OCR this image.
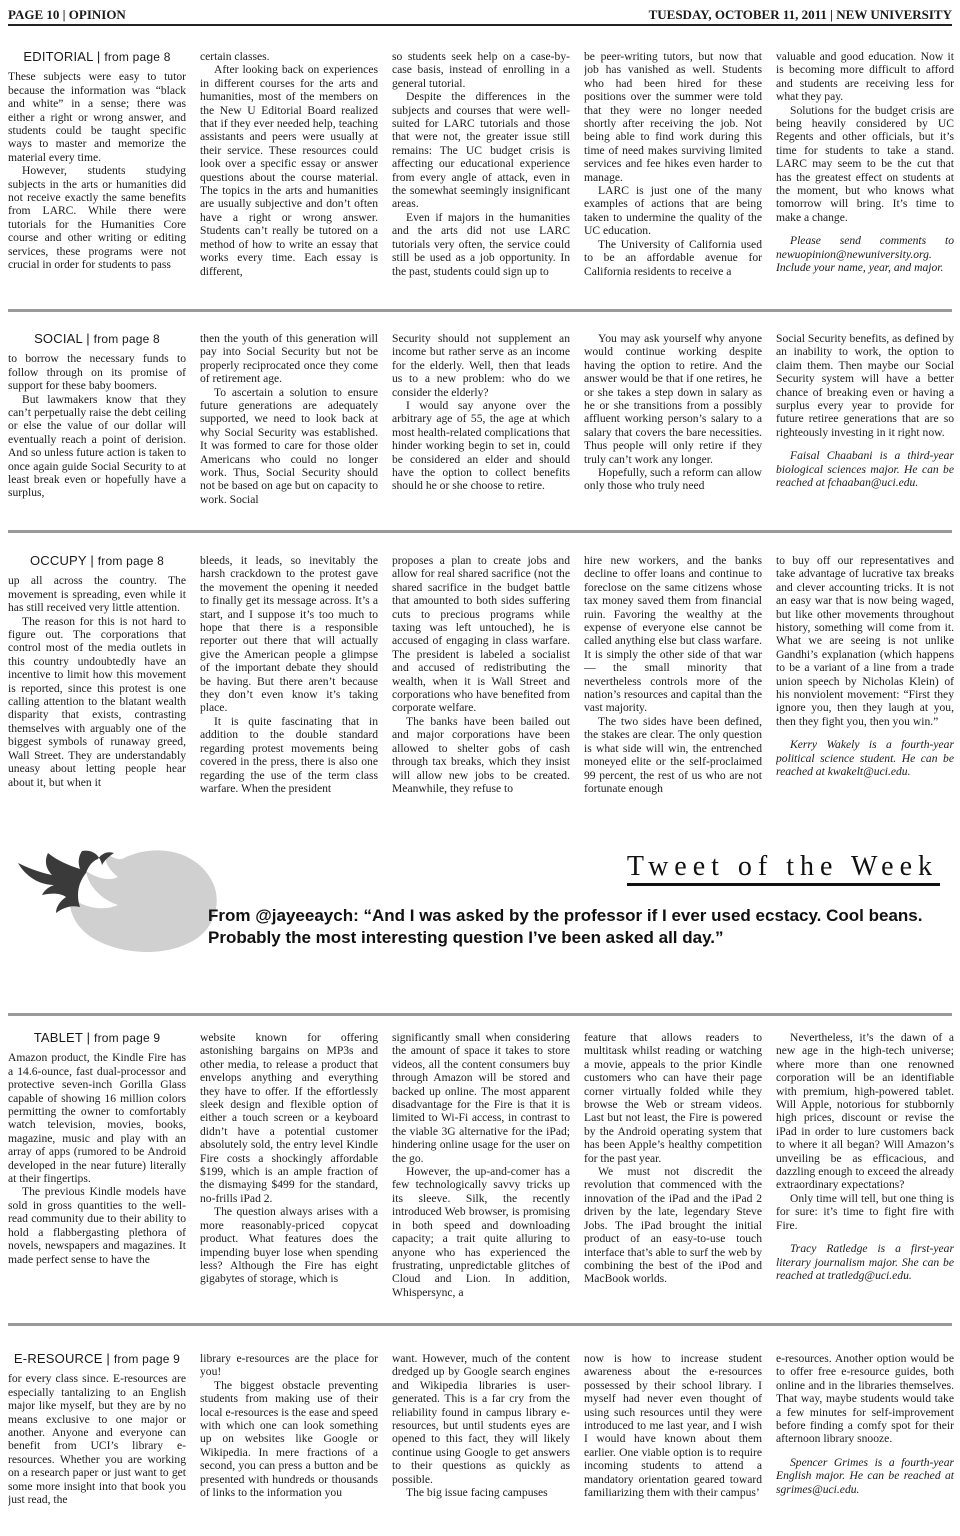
PAGE 10 | OPINION	TUESDAY, OCTOBER 11, 2011 | NEW UNIVERSITY
EDITORIAL | from page 8

These subjects were easy to tutor because the information was “black and white” in a sense; there was either a right or wrong answer, and students could be taught specific ways to master and memorize the material every time.

However, students studying subjects in the arts or humanities did not receive exactly the same benefits from LARC. While there were tutorials for the Humanities Core course and other writing or editing services, these programs were not crucial in order for students to pass

certain classes.

After looking back on experiences in different courses for the arts and humanities, most of the members on the New U Editorial Board realized that if they ever needed help, teaching assistants and peers were usually at their service. These resources could look over a specific essay or answer questions about the course material. The topics in the arts and humanities are usually subjective and don’t often have a right or wrong answer. Students can’t really be tutored on a method of how to write an essay that works every time. Each essay is different,

so students seek help on a case-by-case basis, instead of enrolling in a general tutorial.

Despite the differences in the subjects and courses that were well-suited for LARC tutorials and those that were not, the greater issue still remains: The UC budget crisis is affecting our educational experience from every angle of attack, even in the somewhat seemingly insignificant areas.

Even if majors in the humanities and the arts did not use LARC tutorials very often, the service could still be used as a job opportunity. In the past, students could sign up to

be peer-writing tutors, but now that job has vanished as well. Students who had been hired for these positions over the summer were told that they were no longer needed shortly after receiving the job. Not being able to find work during this time of need makes surviving limited services and fee hikes even harder to manage.

LARC is just one of the many examples of actions that are being taken to undermine the quality of the UC education.

The University of California used to be an affordable avenue for California residents to receive a

valuable and good education. Now it is becoming more difficult to afford and students are receiving less for what they pay.

Solutions for the budget crisis are being heavily considered by UC Regents and other officials, but it’s time for students to take a stand. LARC may seem to be the cut that has the greatest effect on students at the moment, but who knows what tomorrow will bring. It’s time to make a change.

Please send comments to newuopinion@newuniversity.org. Include your name, year, and major.

SOCIAL | from page 8

to borrow the necessary funds to follow through on its promise of support for these baby boomers.

But lawmakers know that they can’t perpetually raise the debt ceiling or else the value of our dollar will eventually reach a point of derision. And so unless future action is taken to once again guide Social Security to at least break even or hopefully have a surplus,

then the youth of this generation will pay into Social Security but not be properly reciprocated once they come of retirement age.

To ascertain a solution to ensure future generations are adequately supported, we need to look back at why Social Security was established. It was formed to care for those older Americans who could no longer work. Thus, Social Security should not be based on age but on capacity to work. Social

Security should not supplement an income but rather serve as an income for the elderly. Well, then that leads us to a new problem: who do we consider the elderly?

I would say anyone over the arbitrary age of 55, the age at which most health-related complications that hinder working begin to set in, could be considered an elder and should have the option to collect benefits should he or she choose to retire.

You may ask yourself why anyone would continue working despite having the option to retire. And the answer would be that if one retires, he or she takes a step down in salary as he or she transitions from a possibly affluent working person’s salary to a salary that covers the bare necessities. Thus people will only retire if they truly can’t work any longer.

Hopefully, such a reform can allow only those who truly need

Social Security benefits, as defined by an inability to work, the option to claim them. Then maybe our Social Security system will have a better chance of breaking even or having a surplus every year to provide for future retiree generations that are so righteously investing in it right now.

Faisal Chaabani is a third-year biological sciences major. He can be reached at fchaaban@uci.edu.

OCCUPY | from page 8

up all across the country. The movement is spreading, even while it has still received very little attention.

The reason for this is not hard to figure out. The corporations that control most of the media outlets in this country undoubtedly have an incentive to limit how this movement is reported, since this protest is one calling attention to the blatant wealth disparity that exists, contrasting themselves with arguably one of the biggest symbols of runaway greed, Wall Street. They are understandably uneasy about letting people hear about it, but when it

bleeds, it leads, so inevitably the harsh crackdown to the protest gave the movement the opening it needed to finally get its message across. It’s a start, and I suppose it’s too much to hope that there is a responsible reporter out there that will actually give the American people a glimpse of the important debate they should be having. But there aren’t because they don’t even know it’s taking place.

It is quite fascinating that in addition to the double standard regarding protest movements being covered in the press, there is also one regarding the use of the term class warfare. When the president

proposes a plan to create jobs and allow for real shared sacrifice (not the shared sacrifice in the budget battle that amounted to both sides suffering cuts to precious programs while taxing was left untouched), he is accused of engaging in class warfare. The president is labeled a socialist and accused of redistributing the wealth, when it is Wall Street and corporations who have benefited from corporate welfare.

The banks have been bailed out and major corporations have been allowed to shelter gobs of cash through tax breaks, which they insist will allow new jobs to be created. Meanwhile, they refuse to

hire new workers, and the banks decline to offer loans and continue to foreclose on the same citizens whose tax money saved them from financial ruin. Favoring the wealthy at the expense of everyone else cannot be called anything else but class warfare. It is simply the other side of that war — the small minority that nevertheless controls more of the nation’s resources and capital than the vast majority.

The two sides have been defined, the stakes are clear. The only question is what side will win, the entrenched moneyed elite or the self-proclaimed 99 percent, the rest of us who are not fortunate enough

to buy off our representatives and take advantage of lucrative tax breaks and clever accounting tricks. It is not an easy war that is now being waged, but like other movements throughout history, something will come from it. What we are seeing is not unlike Gandhi’s explanation (which happens to be a variant of a line from a trade union speech by Nicholas Klein) of his nonviolent movement: “First they ignore you, then they laugh at you, then they fight you, then you win.”

Kerry Wakely is a fourth-year political science student. He can be reached at kwakelt@uci.edu.

Tweet of the Week
From @jayeeaych: “And I was asked by the professor if I ever used ecstacy. Cool beans. Probably the most interesting question I’ve been asked all day.”
TABLET | from page 9

Amazon product, the Kindle Fire has a 14.6-ounce, fast dual-processor and protective seven-inch Gorilla Glass capable of showing 16 million colors permitting the owner to comfortably watch television, movies, books, magazine, music and play with an array of apps (rumored to be Android developed in the near future) literally at their fingertips.

The previous Kindle models have sold in gross quantities to the well-read community due to their ability to hold a flabbergasting plethora of novels, newspapers and magazines. It made perfect sense to have the

website known for offering astonishing bargains on MP3s and other media, to release a product that envelops anything and everything they have to offer. If the effortlessly sleek design and flexible option of either a touch screen or a keyboard didn’t have a potential customer absolutely sold, the entry level Kindle Fire costs a shockingly affordable $199, which is an ample fraction of the dismaying $499 for the standard, no-frills iPad 2.

The question always arises with a more reasonably-priced copycat product. What features does the impending buyer lose when spending less? Although the Fire has eight gigabytes of storage, which is

significantly small when considering the amount of space it takes to store videos, all the content consumers buy through Amazon will be stored and backed up online. The most apparent disadvantage for the Fire is that it is limited to Wi-Fi access, in contrast to the viable 3G alternative for the iPad; hindering online usage for the user on the go.

However, the up-and-comer has a few technologically savvy tricks up its sleeve. Silk, the recently introduced Web browser, is promising in both speed and downloading capacity; a trait quite alluring to anyone who has experienced the frustrating, unpredictable glitches of Cloud and Lion. In addition, Whispersync, a

feature that allows readers to multitask whilst reading or watching a movie, appeals to the prior Kindle customers who can have their page corner virtually folded while they browse the Web or stream videos. Last but not least, the Fire is powered by the Android operating system that has been Apple’s healthy competition for the past year.

We must not discredit the revolution that commenced with the innovation of the iPad and the iPad 2 driven by the late, legendary Steve Jobs. The iPad brought the initial product of an easy-to-use touch interface that’s able to surf the web by combining the best of the iPod and MacBook worlds.

Nevertheless, it’s the dawn of a new age in the high-tech universe; where more than one renowned corporation will be an identifiable with premium, high-powered tablet. Will Apple, notorious for stubbornly high prices, discount or revise the iPad in order to lure customers back to where it all began? Will Amazon’s unveiling be as efficacious, and dazzling enough to exceed the already extraordinary expectations?

Only time will tell, but one thing is for sure: it’s time to fight fire with Fire.

Tracy Ratledge is a first-year literary journalism major. She can be reached at tratledg@uci.edu.

E-RESOURCE | from page 9

for every class since. E-resources are especially tantalizing to an English major like myself, but they are by no means exclusive to one major or another. Anyone and everyone can benefit from UCI’s library e-resources. Whether you are working on a research paper or just want to get some more insight into that book you just read, the

library e-resources are the place for you!

The biggest obstacle preventing students from making use of their local e-resources is the ease and speed with which one can look something up on websites like Google or Wikipedia. In mere fractions of a second, you can press a button and be presented with hundreds or thousands of links to the information you

want. However, much of the content dredged up by Google search engines and Wikipedia libraries is user-generated. This is a far cry from the reliability found in campus library e-resources, but until students eyes are opened to this fact, they will likely continue using Google to get answers to their questions as quickly as possible.

The big issue facing campuses

now is how to increase student awareness about the e-resources possessed by their school library. I myself had never even thought of using such resources until they were introduced to me last year, and I wish I would have known about them earlier. One viable option is to require incoming students to attend a mandatory orientation geared toward familiarizing them with their campus’

e-resources. Another option would be to offer free e-resource guides, both online and in the libraries themselves. That way, maybe students would take a few minutes for self-improvement before finding a comfy spot for their afternoon library snooze.

Spencer Grimes is a fourth-year English major. He can be reached at sgrimes@uci.edu.
